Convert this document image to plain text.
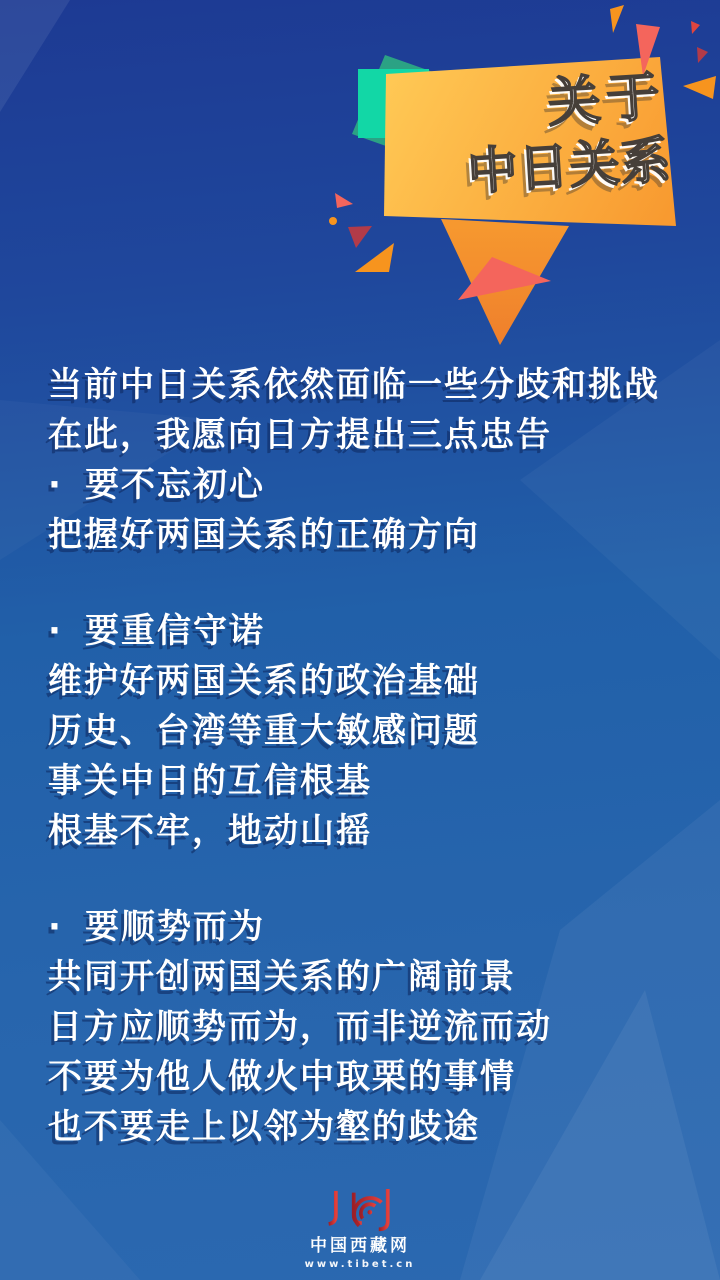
关于
中日关系

当前中日关系依然面临一些分歧和挑战

在此，我愿向日方提出三点忠告

· 要不忘初心

把握好两国关系的正确方向

· 要重信守诺

维护好两国关系的政治基础

历史、台湾等重大敏感问题

事关中日的互信根基

根基不牢，地动山摇

· 要顺势而为

共同开创两国关系的广阔前景

日方应顺势而为，而非逆流而动

不要为他人做火中取栗的事情

也不要走上以邻为壑的歧途

中国西藏网
www.tibet.cn
